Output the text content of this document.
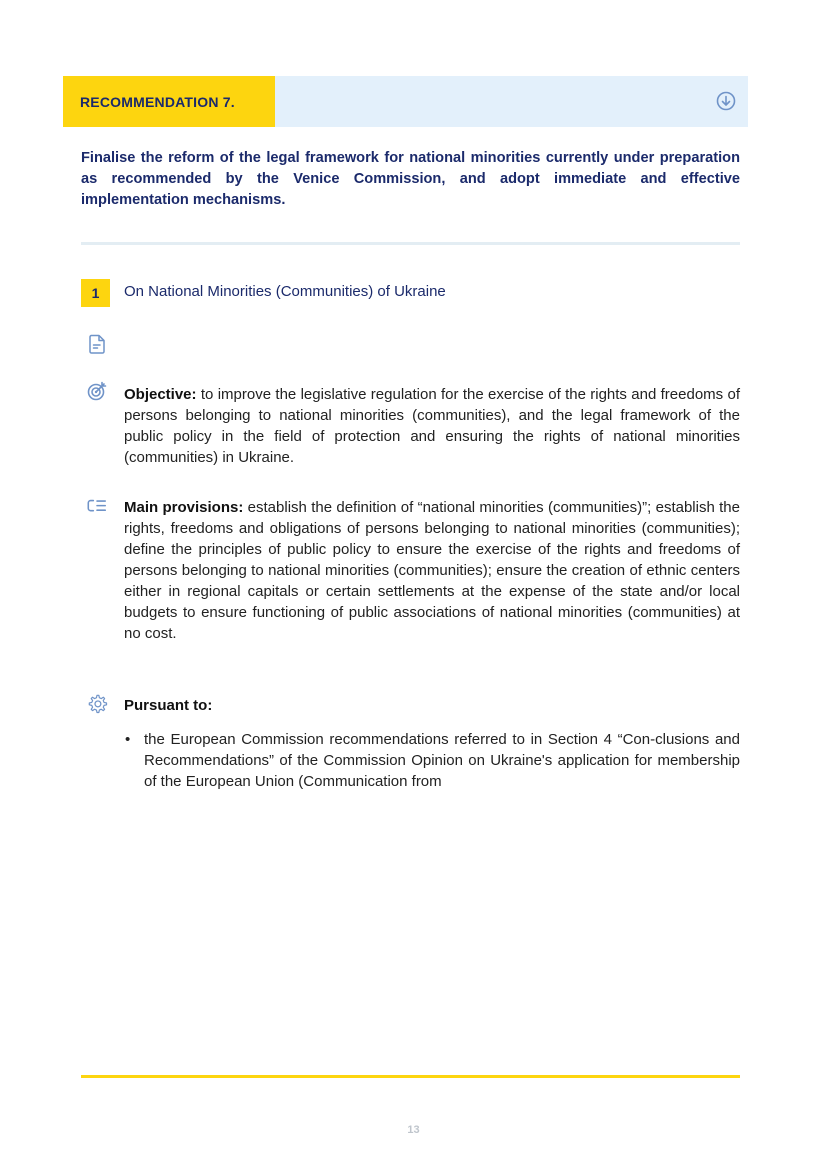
RECOMMENDATION 7.
Finalise the reform of the legal framework for national minorities currently under preparation as recommended by the Venice Commission, and adopt immediate and effective implementation mechanisms.
1	On National Minorities (Communities) of Ukraine
Objective: to improve the legislative regulation for the exercise of the rights and freedoms of persons belonging to national minorities (communities), and the legal framework of the public policy in the field of protection and ensuring the rights of national minorities (communities) in Ukraine.
Main provisions: establish the definition of “national minorities (communities)”; establish the rights, freedoms and obligations of persons belonging to national minorities (communities); define the principles of public policy to ensure the exercise of the rights and freedoms of persons belonging to national minorities (communities); ensure the creation of ethnic centers either in regional capitals or certain settlements at the expense of the state and/or local budgets to ensure functioning of public associations of national minorities (communities) at no cost.
Pursuant to:
• the European Commission recommendations referred to in Section 4 “Con-clusions and Recommendations” of the Commission Opinion on Ukraine's application for membership of the European Union (Communication from
13
